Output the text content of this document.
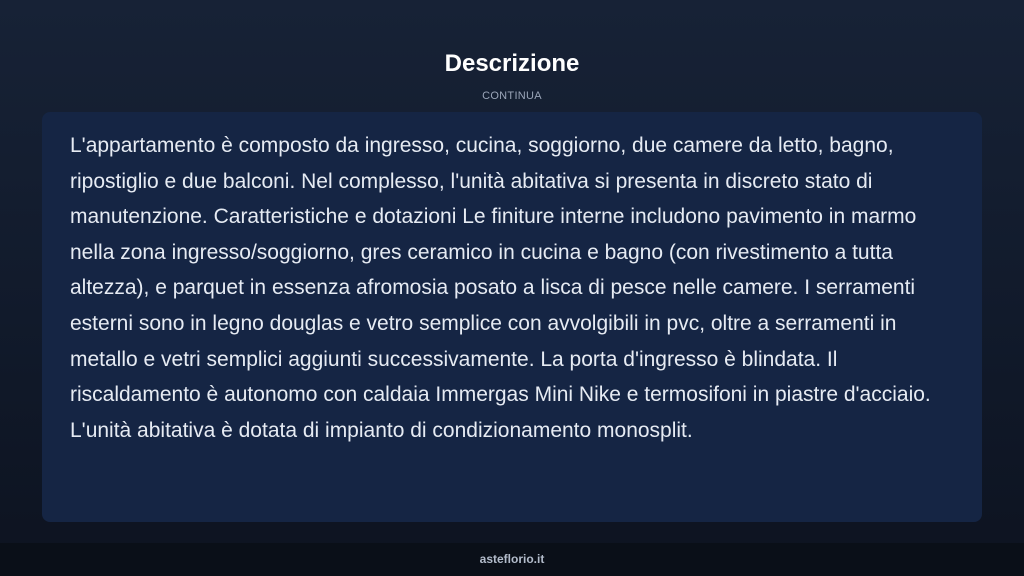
Descrizione
CONTINUA

L'appartamento è composto da ingresso, cucina, soggiorno, due camere da letto, bagno, ripostiglio e due balconi. Nel complesso, l'unità abitativa si presenta in discreto stato di manutenzione. Caratteristiche e dotazioni Le finiture interne includono pavimento in marmo nella zona ingresso/soggiorno, gres ceramico in cucina e bagno (con rivestimento a tutta altezza), e parquet in essenza afromosia posato a lisca di pesce nelle camere. I serramenti esterni sono in legno douglas e vetro semplice con avvolgibili in pvc, oltre a serramenti in metallo e vetri semplici aggiunti successivamente. La porta d'ingresso è blindata. Il riscaldamento è autonomo con caldaia Immergas Mini Nike e termosifoni in piastre d'acciaio. L'unità abitativa è dotata di impianto di condizionamento monosplit.

asteflorio.it
